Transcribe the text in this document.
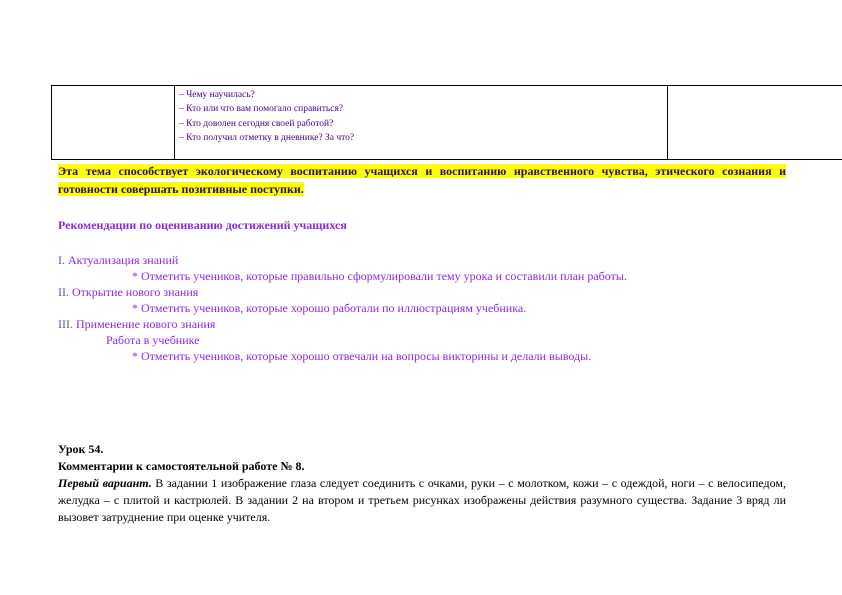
– Чему научилась?
– Кто или что вам помогало справиться?
– Кто доволен сегодня своей работой?
– Кто получил отметку в дневнике? За что?

Эта тема способствует экологическому воспитанию учащихся и воспитанию нравственного чувства, этического сознания и готовности совершать позитивные поступки.
Рекомендации по оцениванию достижений учащихся
I. Актуализация знаний
* Отметить учеников, которые правильно сформулировали тему урока и составили план работы.
II. Открытие нового знания
* Отметить учеников, которые хорошо работали по иллюстрациям учебника.
III. Применение нового знания
Работа в учебнике
* Отметить учеников, которые хорошо отвечали на вопросы викторины и делали выводы.
Урок 54.
Комментарии к самостоятельной работе № 8.
Первый вариант. В задании 1 изображение глаза следует соединить с очками, руки – с молотком, кожи – с одеждой, ноги – с велосипедом, желудка – с плитой и кастрюлей. В задании 2 на втором и третьем рисунках изображены действия разумного существа. Задание 3 вряд ли вызовет затруднение при оценке учителя.
